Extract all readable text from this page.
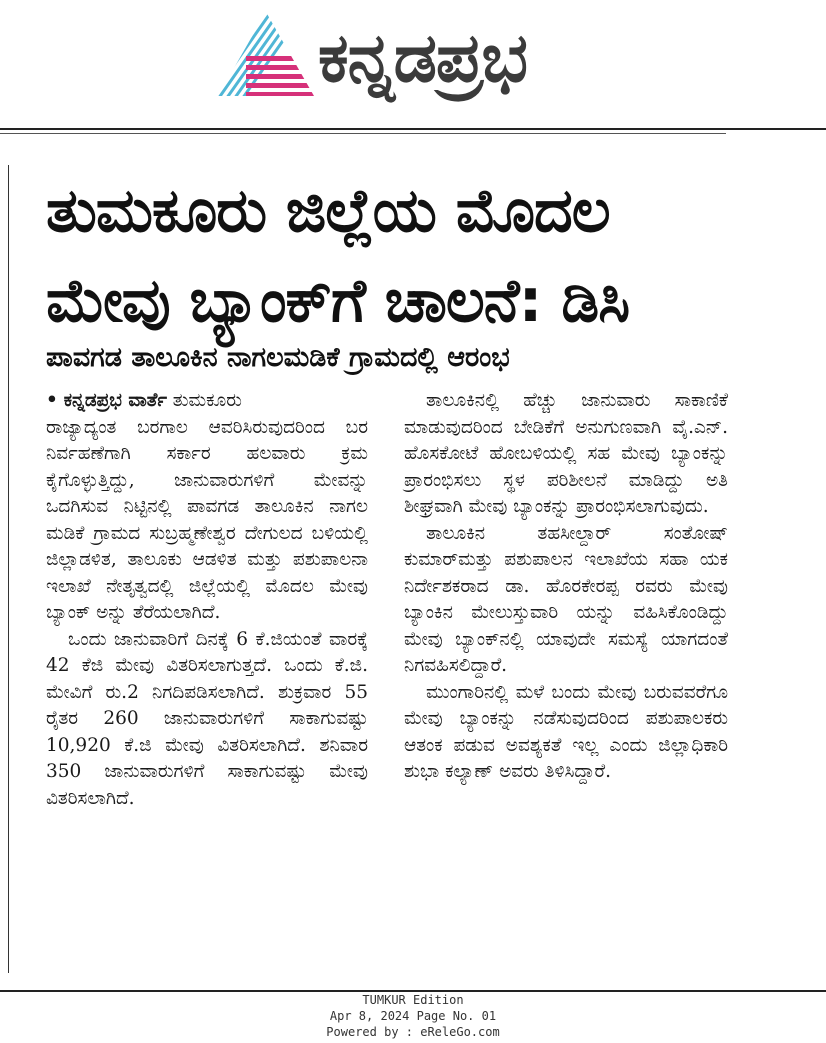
ಕನ್ನಡಪ್ರಭ
ತುಮಕೂರು ಜಿಲ್ಲೆಯ ಮೊದಲ
ಮೇವು ಬ್ಯಾಂಕ್‌ಗೆ ಚಾಲನೆ: ಡಿಸಿ
ಪಾವಗಡ ತಾಲೂಕಿನ ನಾಗಲಮಡಿಕೆ ಗ್ರಾಮದಲ್ಲಿ ಆರಂಭ

• ಕನ್ನಡಪ್ರಭ ವಾರ್ತೆ ತುಮಕೂರು

ರಾಜ್ಯಾದ್ಯಂತ ಬರಗಾಲ ಆವರಿಸಿರುವುದರಿಂದ ಬರ ನಿರ್ವಹಣೆಗಾಗಿ ಸರ್ಕಾರ ಹಲವಾರು ಕ್ರಮ ಕೈಗೊಳ್ಳುತ್ತಿದ್ದು, ಜಾನುವಾರುಗಳಿಗೆ ಮೇವನ್ನು ಒದಗಿಸುವ ನಿಟ್ಟಿನಲ್ಲಿ ಪಾವಗಡ ತಾಲೂಕಿನ ನಾಗಲ ಮಡಿಕೆ ಗ್ರಾಮದ ಸುಬ್ರಹ್ಮಣೇಶ್ವರ ದೇಗುಲದ ಬಳಿಯಲ್ಲಿ ಜಿಲ್ಲಾಡಳಿತ, ತಾಲೂಕು ಆಡಳಿತ ಮತ್ತು ಪಶುಪಾಲನಾ ಇಲಾಖೆ ನೇತೃತ್ವದಲ್ಲಿ ಜಿಲ್ಲೆಯಲ್ಲಿ ಮೊದಲ ಮೇವು ಬ್ಯಾಂಕ್ ಅನ್ನು ತೆರೆಯಲಾಗಿದೆ.

ಒಂದು ಜಾನುವಾರಿಗೆ ದಿನಕ್ಕೆ 6 ಕೆ.ಜಿಯಂತೆ ವಾರಕ್ಕೆ 42 ಕೆಜಿ ಮೇವು ವಿತರಿಸಲಾಗುತ್ತದೆ. ಒಂದು ಕೆ.ಜಿ. ಮೇವಿಗೆ ರು.2 ನಿಗದಿಪಡಿಸಲಾಗಿದೆ. ಶುಕ್ರವಾರ 55 ರೈತರ 260 ಜಾನುವಾರುಗಳಿಗೆ ಸಾಕಾಗುವಷ್ಟು 10,920 ಕೆ.ಜಿ ಮೇವು ವಿತರಿಸಲಾಗಿದೆ. ಶನಿವಾರ 350 ಜಾನುವಾರುಗಳಿಗೆ ಸಾಕಾಗುವಷ್ಟು ಮೇವು ವಿತರಿಸಲಾಗಿದೆ.

ತಾಲೂಕಿನಲ್ಲಿ ಹೆಚ್ಚು ಜಾನುವಾರು ಸಾಕಾಣಿಕೆ ಮಾಡುವುದರಿಂದ ಬೇಡಿಕೆಗೆ ಅನುಗುಣವಾಗಿ ವೈ.ಎನ್. ಹೊಸಕೋಟೆ ಹೋಬಳಿಯಲ್ಲಿ ಸಹ ಮೇವು ಬ್ಯಾಂಕನ್ನು ಪ್ರಾರಂಭಿಸಲು ಸ್ಥಳ ಪರಿಶೀಲನೆ ಮಾಡಿದ್ದು ಅತಿ ಶೀಘ್ರವಾಗಿ ಮೇವು ಬ್ಯಾಂಕನ್ನು ಪ್ರಾರಂಭಿಸಲಾಗುವುದು.

ತಾಲೂಕಿನ ತಹಸೀಲ್ದಾರ್ ಸಂತೋಷ್ ಕುಮಾರ್‌ಮತ್ತು ಪಶುಪಾಲನ ಇಲಾಖೆಯ ಸಹಾ ಯಕ ನಿರ್ದೇಶಕರಾದ ಡಾ. ಹೊರಕೇರಪ್ಪ ರವರು ಮೇವು ಬ್ಯಾಂಕಿನ ಮೇಲುಸ್ತುವಾರಿ ಯನ್ನು ವಹಿಸಿಕೊಂಡಿದ್ದು ಮೇವು ಬ್ಯಾಂಕ್‌ನಲ್ಲಿ ಯಾವುದೇ ಸಮಸ್ಯೆ ಯಾಗದಂತೆ ನಿಗವಹಿಸಲಿದ್ದಾರೆ.

ಮುಂಗಾರಿನಲ್ಲಿ ಮಳೆ ಬಂದು ಮೇವು ಬರುವವರೆಗೂ ಮೇವು ಬ್ಯಾಂಕನ್ನು ನಡೆಸುವುದರಿಂದ ಪಶುಪಾಲಕರು ಆತಂಕ ಪಡುವ ಅವಶ್ಯಕತೆ ಇಲ್ಲ ಎಂದು ಜಿಲ್ಲಾಧಿಕಾರಿ ಶುಭಾ ಕಲ್ಯಾಣ್ ಅವರು ತಿಳಿಸಿದ್ದಾರೆ.

TUMKUR Edition
Apr 8, 2024 Page No. 01
Powered by : eReleGo.com
